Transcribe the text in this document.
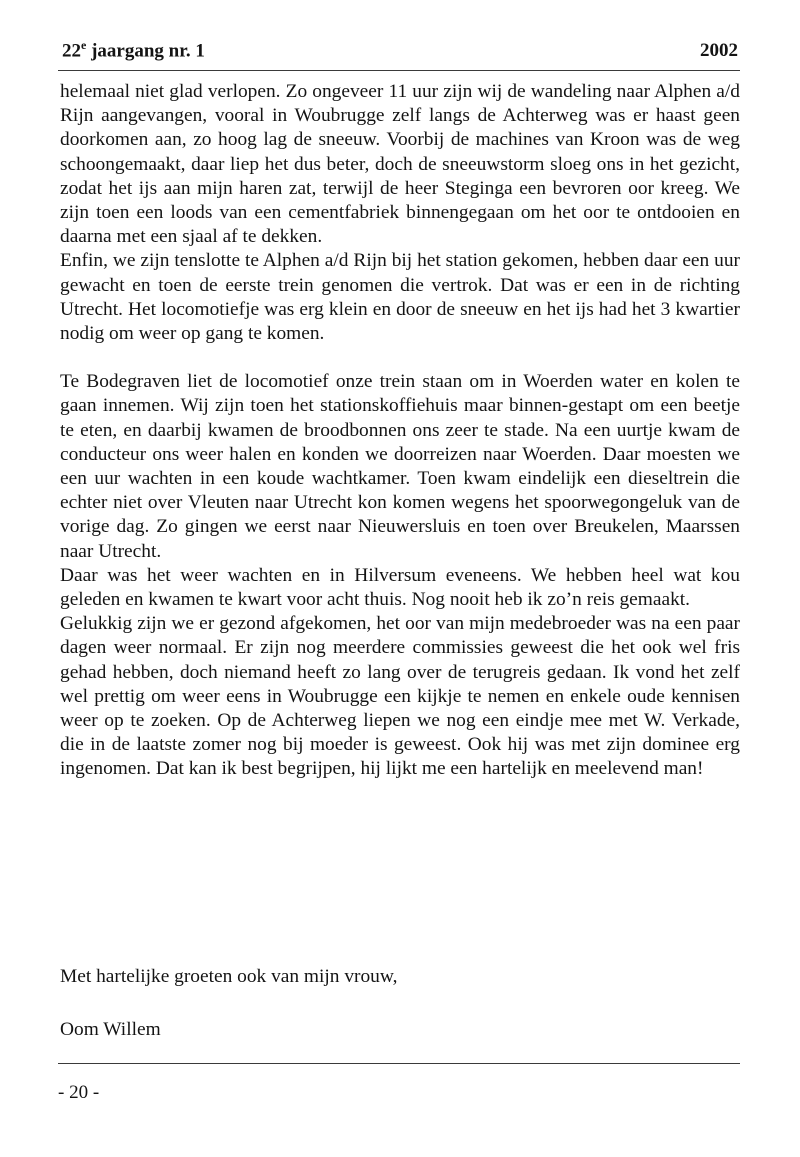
22e jaargang nr. 1	2002

helemaal niet glad verlopen. Zo ongeveer 11 uur zijn wij de wandeling naar Alphen a/d Rijn aangevangen, vooral in Woubrugge zelf langs de Achterweg was er haast geen doorkomen aan, zo hoog lag de sneeuw. Voorbij de machines van Kroon was de weg schoongemaakt, daar liep het dus beter, doch de sneeuwstorm sloeg ons in het gezicht, zodat het ijs aan mijn haren zat, terwijl de heer Steginga een bevroren oor kreeg. We zijn toen een loods van een cementfabriek binnengegaan om het oor te ontdooien en daarna met een sjaal af te dekken.

Enfin, we zijn tenslotte te Alphen a/d Rijn bij het station gekomen, hebben daar een uur gewacht en toen de eerste trein genomen die vertrok. Dat was er een in de richting Utrecht. Het locomotiefje was erg klein en door de sneeuw en het ijs had het 3 kwartier nodig om weer op gang te komen.

Te Bodegraven liet de locomotief onze trein staan om in Woerden water en kolen te gaan innemen. Wij zijn toen het stationskoffiehuis maar binnen-gestapt om een beetje te eten, en daarbij kwamen de broodbonnen ons zeer te stade. Na een uurtje kwam de conducteur ons weer halen en konden we doorreizen naar Woerden. Daar moesten we een uur wachten in een koude wachtkamer. Toen kwam eindelijk een dieseltrein die echter niet over Vleuten naar Utrecht kon komen wegens het spoorwegongeluk van de vorige dag. Zo gingen we eerst naar Nieuwersluis en toen over Breukelen, Maarssen naar Utrecht.

Daar was het weer wachten en in Hilversum eveneens. We hebben heel wat kou geleden en kwamen te kwart voor acht thuis. Nog nooit heb ik zo’n reis gemaakt.

Gelukkig zijn we er gezond afgekomen, het oor van mijn medebroeder was na een paar dagen weer normaal. Er zijn nog meerdere commissies geweest die het ook wel fris gehad hebben, doch niemand heeft zo lang over de terugreis gedaan. Ik vond het zelf wel prettig om weer eens in Woubrugge een kijkje te nemen en enkele oude kennisen weer op te zoeken. Op de Achterweg liepen we nog een eindje mee met W. Verkade, die in de laatste zomer nog bij moeder is geweest. Ook hij was met zijn dominee erg ingenomen. Dat kan ik best begrijpen, hij lijkt me een hartelijk en meelevend man!

Met hartelijke groeten ook van mijn vrouw,
Oom Willem
- 20 -
